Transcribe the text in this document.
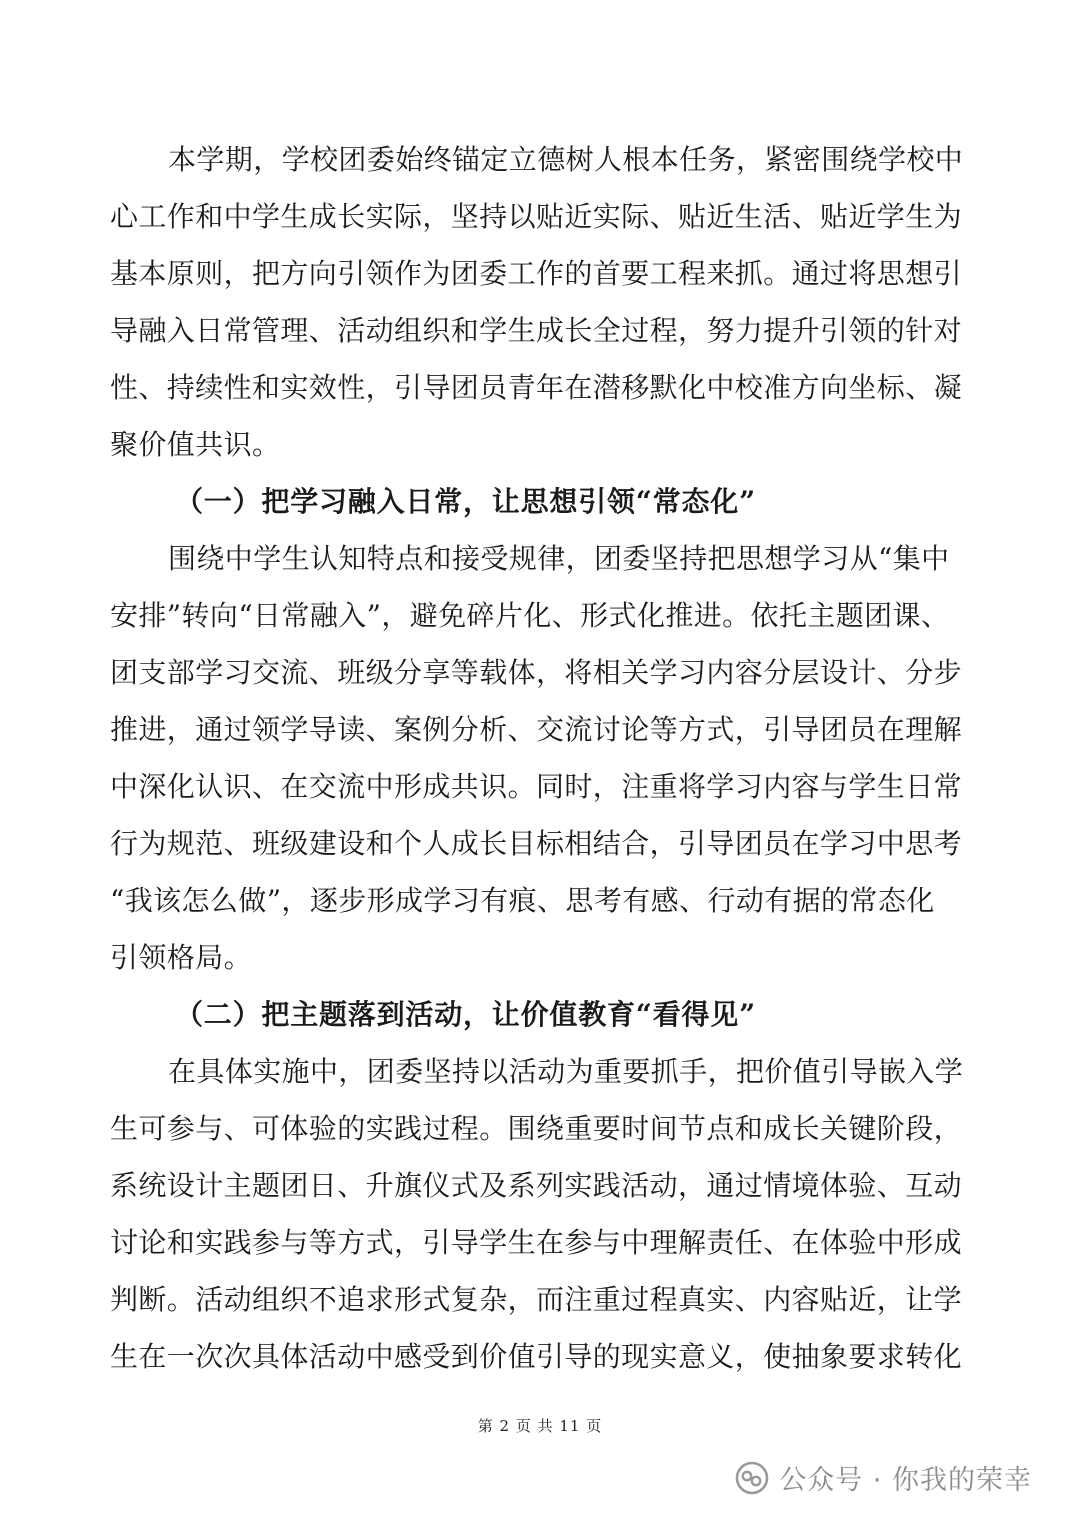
本学期，学校团委始终锚定立德树人根本任务，紧密围绕学校中
心工作和中学生成长实际，坚持以贴近实际、贴近生活、贴近学生为
基本原则，把方向引领作为团委工作的首要工程来抓。通过将思想引
导融入日常管理、活动组织和学生成长全过程，努力提升引领的针对
性、持续性和实效性，引导团员青年在潜移默化中校准方向坐标、凝
聚价值共识。
（一）把学习融入日常，让思想引领“常态化”
围绕中学生认知特点和接受规律，团委坚持把思想学习从“集中
安排”转向“日常融入”，避免碎片化、形式化推进。依托主题团课、
团支部学习交流、班级分享等载体，将相关学习内容分层设计、分步
推进，通过领学导读、案例分析、交流讨论等方式，引导团员在理解
中深化认识、在交流中形成共识。同时，注重将学习内容与学生日常
行为规范、班级建设和个人成长目标相结合，引导团员在学习中思考
“我该怎么做”，逐步形成学习有痕、思考有感、行动有据的常态化
引领格局。
（二）把主题落到活动，让价值教育“看得见”
在具体实施中，团委坚持以活动为重要抓手，把价值引导嵌入学
生可参与、可体验的实践过程。围绕重要时间节点和成长关键阶段，
系统设计主题团日、升旗仪式及系列实践活动，通过情境体验、互动
讨论和实践参与等方式，引导学生在参与中理解责任、在体验中形成
判断。活动组织不追求形式复杂，而注重过程真实、内容贴近，让学
生在一次次具体活动中感受到价值引导的现实意义，使抽象要求转化
第 2 页 共 11 页
公众号 · 你我的荣幸
